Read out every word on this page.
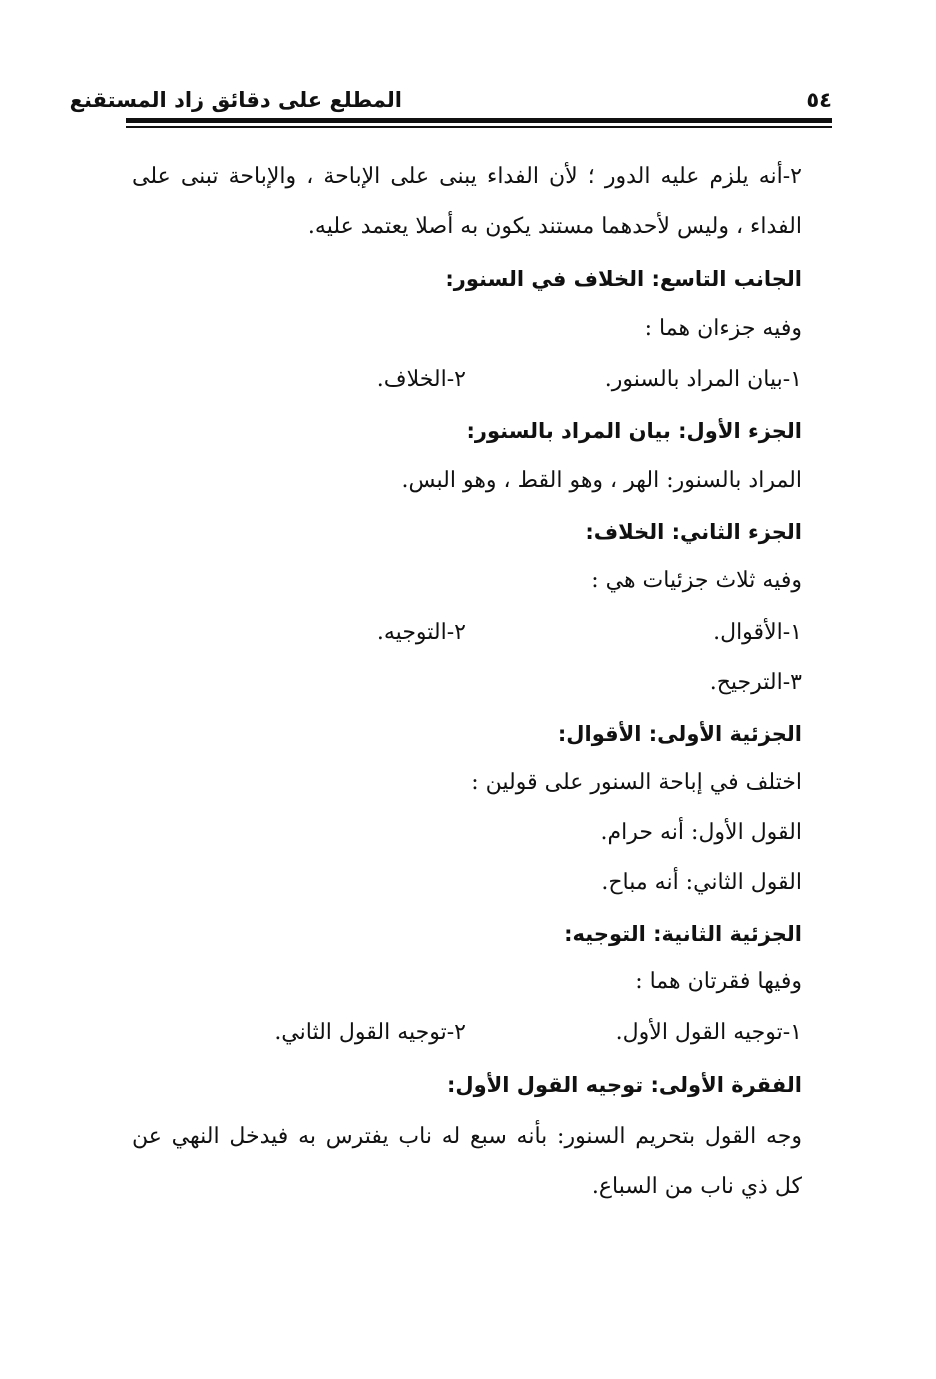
٥٤
المطلع على دقائق زاد المستقنع
٢-أنه يلزم عليه الدور ؛ لأن الفداء يبنى على الإباحة ، والإباحة تبنى على
الفداء ، وليس لأحدهما مستند يكون به أصلا يعتمد عليه.
الجانب التاسع: الخلاف في السنور:
وفيه جزءان هما :
١-بيان المراد بالسنور.
٢-الخلاف.
الجزء الأول: بيان المراد بالسنور:
المراد بالسنور: الهر ، وهو القط ، وهو البس.
الجزء الثاني: الخلاف:
وفيه ثلاث جزئيات هي :
١-الأقوال.
٢-التوجيه.
٣-الترجيح.
الجزئية الأولى: الأقوال:
اختلف في إباحة السنور على قولين :
القول الأول: أنه حرام.
القول الثاني: أنه مباح.
الجزئية الثانية: التوجيه:
وفيها فقرتان هما :
١-توجيه القول الأول.
٢-توجيه القول الثاني.
الفقرة الأولى: توجيه القول الأول:
وجه القول بتحريم السنور: بأنه سبع له ناب يفترس به فيدخل النهي عن
كل ذي ناب من السباع.
